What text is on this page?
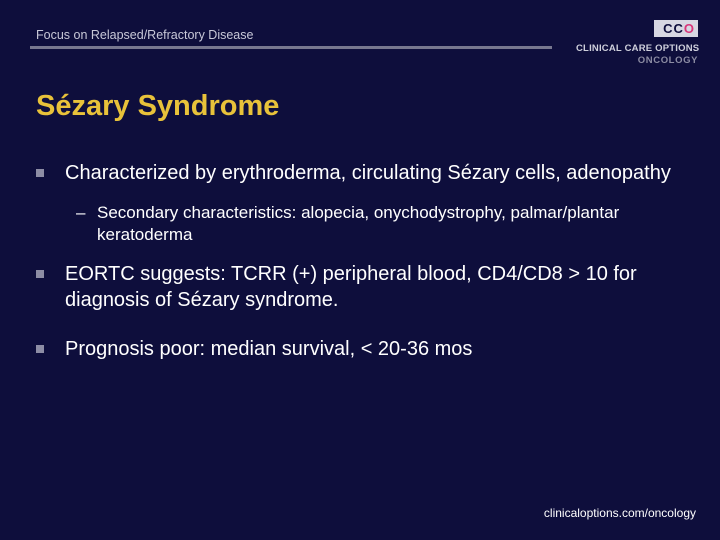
Focus on Relapsed/Refractory Disease	C C O
CLINICAL CARE OPTIONS
ONCOLOGY
Sézary Syndrome
Characterized by erythroderma, circulating Sézary cells, adenopathy
– Secondary characteristics: alopecia, onychodystrophy, palmar/plantar keratoderma
EORTC suggests: TCRR (+) peripheral blood, CD4/CD8 > 10 for diagnosis of Sézary syndrome.
Prognosis poor: median survival, < 20-36 mos
clinicaloptions.com/oncology
